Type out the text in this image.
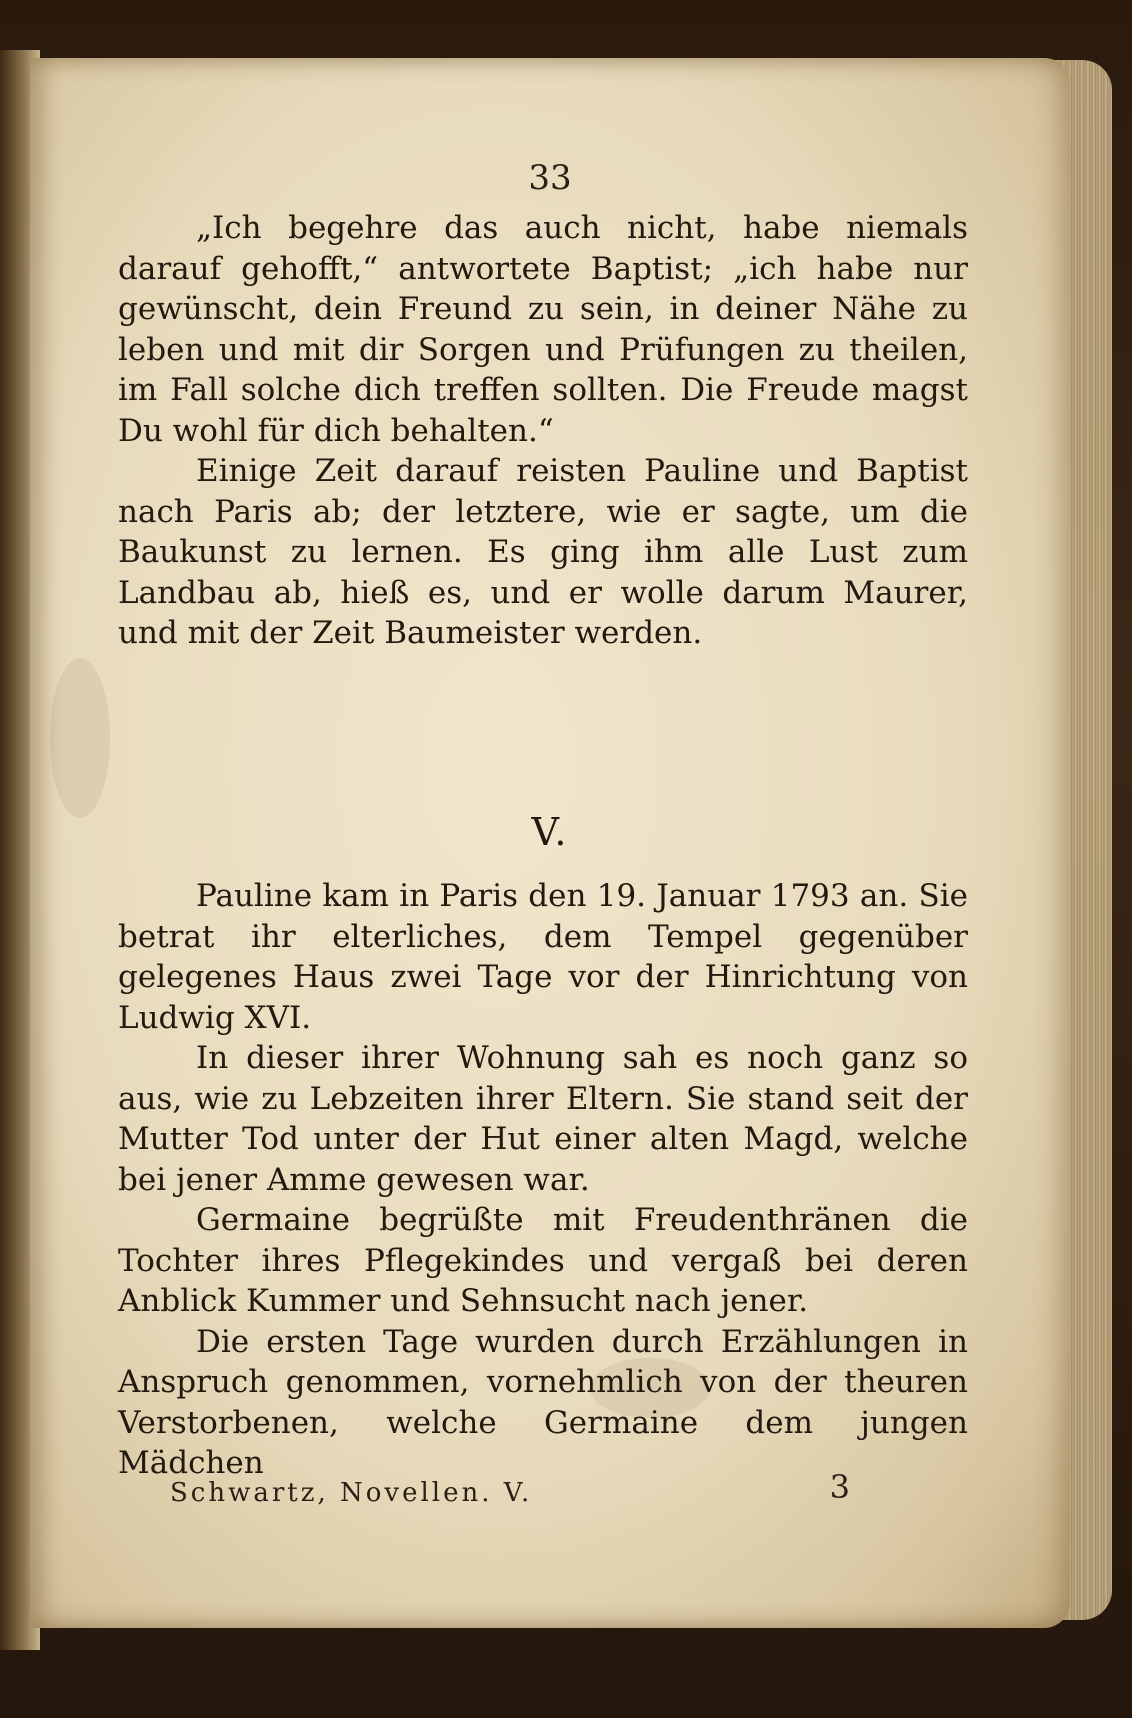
33

„Ich begehre das auch nicht, habe niemals darauf gehofft,“ antwortete Baptist; „ich habe nur gewünscht, dein Freund zu sein, in deiner Nähe zu leben und mit dir Sorgen und Prüfungen zu theilen, im Fall solche dich treffen sollten. Die Freude magst Du wohl für dich behalten.“

Einige Zeit darauf reisten Pauline und Baptist nach Paris ab; der letztere, wie er sagte, um die Baukunst zu lernen. Es ging ihm alle Lust zum Landbau ab, hieß es, und er wolle darum Maurer, und mit der Zeit Baumeister werden.

V.

Pauline kam in Paris den 19. Januar 1793 an. Sie betrat ihr elterliches, dem Tempel gegenüber gelegenes Haus zwei Tage vor der Hinrichtung von Ludwig XVI.

In dieser ihrer Wohnung sah es noch ganz so aus, wie zu Lebzeiten ihrer Eltern. Sie stand seit der Mutter Tod unter der Hut einer alten Magd, welche bei jener Amme gewesen war.

Germaine begrüßte mit Freudenthränen die Tochter ihres Pflegekindes und vergaß bei deren Anblick Kummer und Sehnsucht nach jener.

Die ersten Tage wurden durch Erzählungen in Anspruch genommen, vornehmlich von der theuren Verstorbenen, welche Germaine dem jungen Mädchen

Schwartz, Novellen. V.	3
